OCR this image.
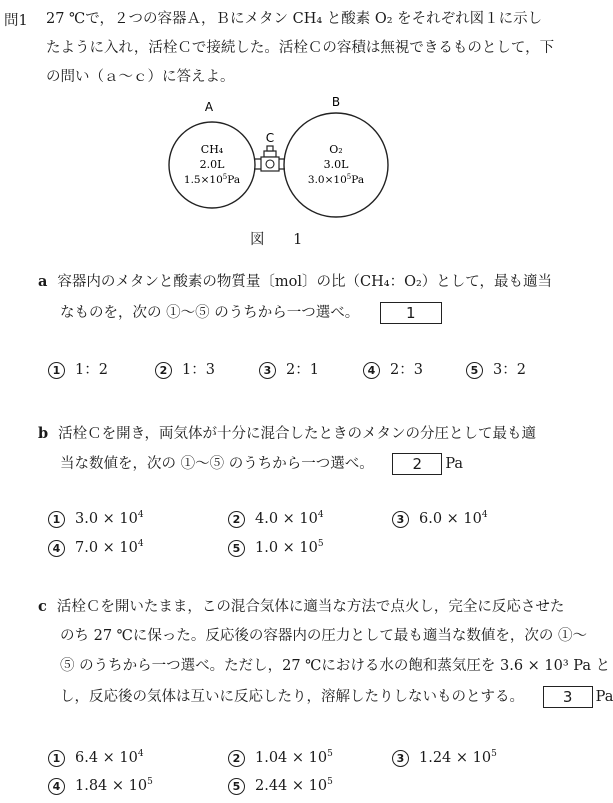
問1 27 ℃で，２つの容器Ａ，Ｂにメタン CH₄ と酸素 O₂ をそれぞれ図１に示し
たように入れ，活栓Ｃで接続した。活栓Ｃの容積は無視できるものとして，下
の問い（ａ～ｃ）に答えよ。
A	B
C
CH₄
2.0L
$1.5\times 10^5Pa$
O₂
3.0L
$3.0\times 10^5Pa$
図 1
a 容器内のメタンと酸素の物質量〔mol〕の比（CH₄：O₂）として，最も適当
なものを，次の ①～⑤ のうちから一つ選べ。	1
1 1：2	2 1：3	3 2：1	4 2：3	5 3：2
b 活栓Ｃを開き，両気体が十分に混合したときのメタンの分圧として最も適
当な数値を，次の ①～⑤ のうちから一つ選べ。	2 Pa
1 $3.0 \times 10^4$	2 $4.0 \times 10^4$	3 $6.0 \times 10^4$
4 $7.0 \times 10^4$	5 $1.0 \times 10^5$
c 活栓Ｃを開いたまま，この混合気体に適当な方法で点火し，完全に反応させた
のち 27 ℃に保った。反応後の容器内の圧力として最も適当な数値を，次の ①～
⑤ のうちから一つ選べ。ただし，27 ℃における水の飽和蒸気圧を 3.6 × 10³ Pa と
し，反応後の気体は互いに反応したり，溶解したりしないものとする。	3 Pa
1 $6.4 \times 10^4$	2 $1.04 \times 10^5$	3 $1.24 \times 10^5$
4 $1.84 \times 10^5$	5 $2.44 \times 10^5$
